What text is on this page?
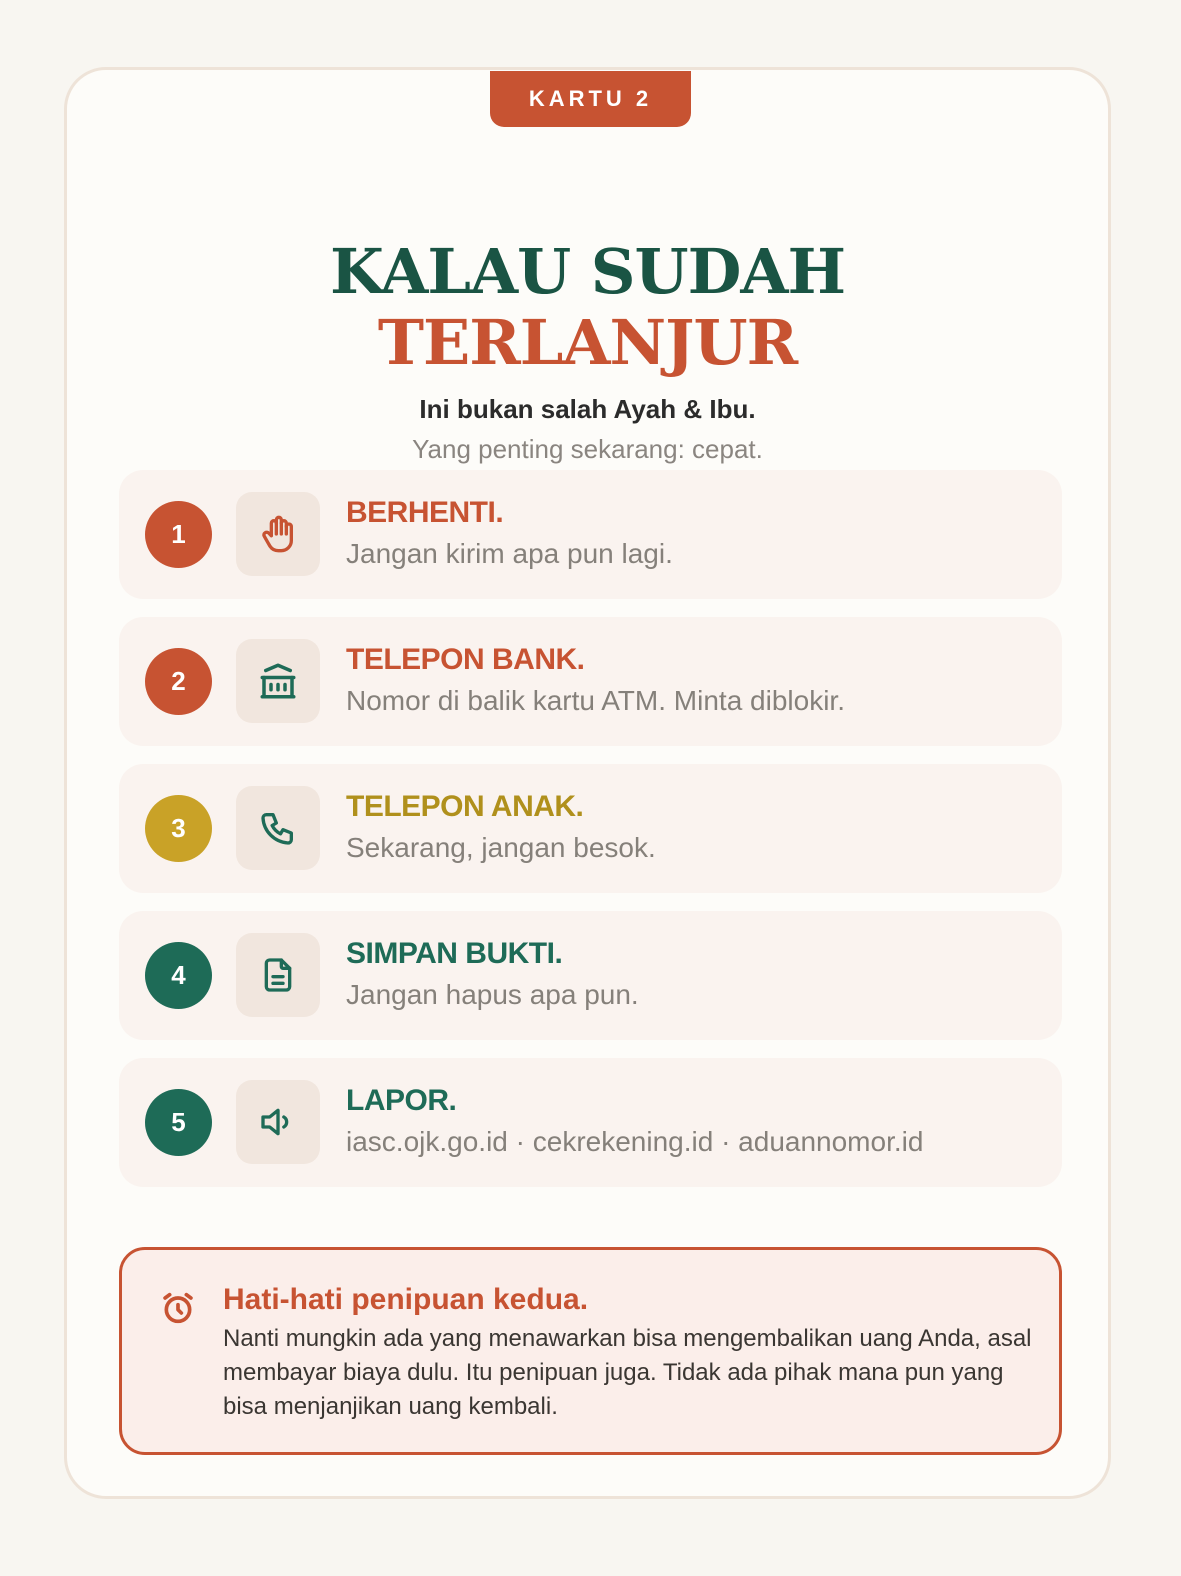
KARTU 2
KALAU SUDAH
TERLANJUR
Ini bukan salah Ayah & Ibu.
Yang penting sekarang: cepat.
1
BERHENTI.
Jangan kirim apa pun lagi.
2
TELEPON BANK.
Nomor di balik kartu ATM. Minta diblokir.
3
TELEPON ANAK.
Sekarang, jangan besok.
4
SIMPAN BUKTI.
Jangan hapus apa pun.
5
LAPOR.
iasc.ojk.go.id · cekrekening.id · aduannomor.id
Hati-hati penipuan kedua.
Nanti mungkin ada yang menawarkan bisa mengembalikan uang Anda, asal membayar biaya dulu. Itu penipuan juga. Tidak ada pihak mana pun yang bisa menjanjikan uang kembali.
